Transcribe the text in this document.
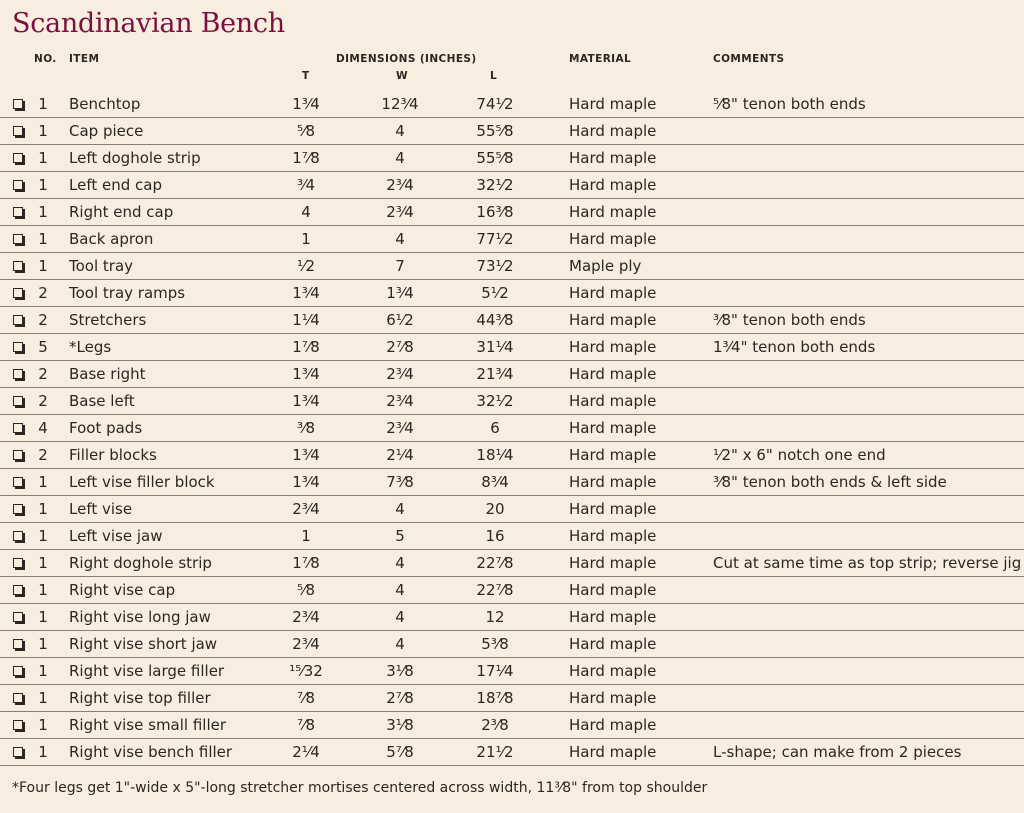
Scandinavian Bench
NO. ITEM	DIMENSIONS (INCHES)	MATERIAL	COMMENTS
T	W	L
1 Benchtop	1³⁄4	12³⁄4	74¹⁄2	Hard maple	⁵⁄8" tenon both ends
1 Cap piece	⁵⁄8	4	55⁵⁄8	Hard maple
1 Left doghole strip	1⁷⁄8	4	55⁵⁄8	Hard maple
1 Left end cap	³⁄4	2³⁄4	32¹⁄2	Hard maple
1 Right end cap	4	2³⁄4	16³⁄8	Hard maple
1 Back apron	1	4	77¹⁄2	Hard maple
1 Tool tray	¹⁄2	7	73¹⁄2	Maple ply
2 Tool tray ramps	1³⁄4	1³⁄4	5¹⁄2	Hard maple
2 Stretchers	1¹⁄4	6¹⁄2	44³⁄8	Hard maple	³⁄8" tenon both ends
5 *Legs	1⁷⁄8	2⁷⁄8	31¹⁄4	Hard maple	1³⁄4" tenon both ends
2 Base right	1³⁄4	2³⁄4	21³⁄4	Hard maple
2 Base left	1³⁄4	2³⁄4	32¹⁄2	Hard maple
4 Foot pads	³⁄8	2³⁄4	6	Hard maple
2 Filler blocks	1³⁄4	2¹⁄4	18¹⁄4	Hard maple	¹⁄2" x 6" notch one end
1 Left vise filler block	1³⁄4	7³⁄8	8³⁄4	Hard maple	³⁄8" tenon both ends & left side
1 Left vise	2³⁄4	4	20	Hard maple
1 Left vise jaw	1	5	16	Hard maple
1 Right doghole strip	1⁷⁄8	4	22⁷⁄8	Hard maple	Cut at same time as top strip; reverse jig
1 Right vise cap	⁵⁄8	4	22⁷⁄8	Hard maple
1 Right vise long jaw	2³⁄4	4	12	Hard maple
1 Right vise short jaw	2³⁄4	4	5³⁄8	Hard maple
1 Right vise large filler	¹⁵⁄32	3¹⁄8	17¹⁄4	Hard maple
1 Right vise top filler	⁷⁄8	2⁷⁄8	18⁷⁄8	Hard maple
1 Right vise small filler	⁷⁄8	3¹⁄8	2³⁄8	Hard maple
1 Right vise bench filler	2¹⁄4	5⁷⁄8	21¹⁄2	Hard maple	L-shape; can make from 2 pieces
*Four legs get 1"-wide x 5"-long stretcher mortises centered across width, 11³⁄8" from top shoulder
